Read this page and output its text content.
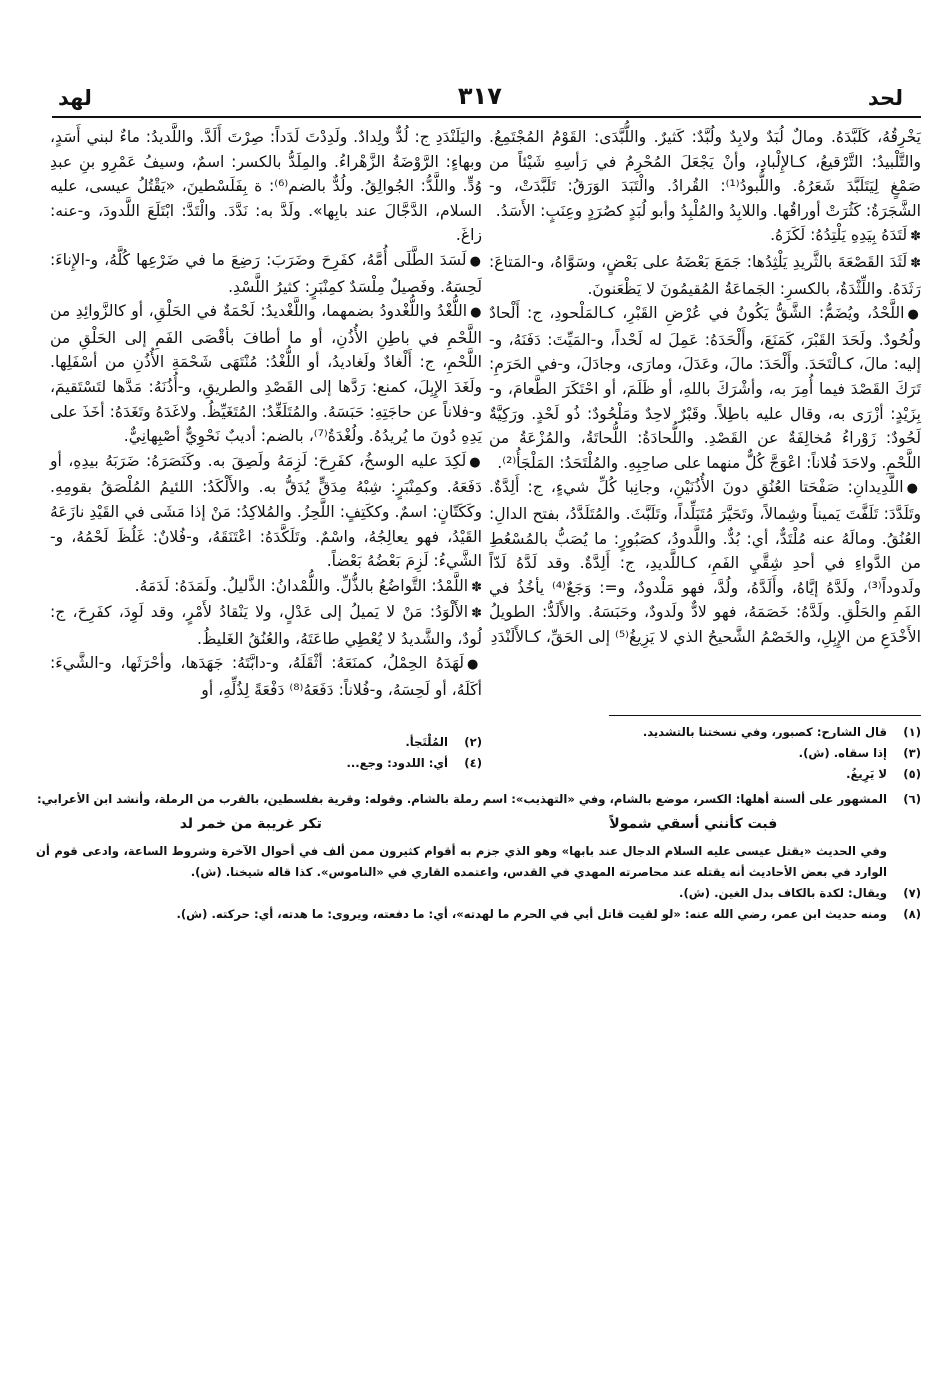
لهد	٣١٧	لحد

يَخْرِقُهُ، كَلَبَّدَهُ. ومالٌ لُبَدٌ ولابِدٌ ولُبَّدٌ: كَثيرٌ. واللُّبَّدَى: القَوْمُ المُجْتَمِعُ. والتَّلْبيدُ: التَّرْقيعُ، كـالإِلْبادِ، وأنْ يَجْعَلَ المُحْرِمُ في رَأسِهِ شَيْئاً من صَمْغٍ لِيَتَلَبَّدَ شَعَرُهُ. واللُّبودُ⁽¹⁾: القُرادُ. والْتَبَدَ الوَرَقُ: تَلَبَّدَتْ، و-الشَّجَرَةُ: كَثُرَتْ أوراقُها. واللابِدُ والمُلْبِدُ وأبو لُبَدٍ كصُرَدٍ وعِنَبٍ: الأَسَدُ.

✽لَتَدَهُ بِيَدِهِ يَلْتِدُهُ: لَكَزَهُ.

✽لَثَدَ القَصْعَةَ بالثَّريدِ يَلْثِدُها: جَمَعَ بَعْضَهُ على بَعْضٍ، وسَوَّاهُ، و-المَتاعَ: رَثَدَهُ. واللِّثْدَةُ، بالكسرِ: الجَماعَةُ المُقيمُونَ لا يَظْعَنونَ.

●اللَّحْدُ، ويُضَمُّ: الشَّقُّ يَكُونُ في عُرْضِ القَبْرِ، كـالمَلْحودِ، ج: أَلْحادٌ ولُحُودٌ. ولَحَدَ القَبْرَ، كَمَنَعَ، وأَلْحَدَهُ: عَمِلَ له لَحْداً، و-المَيِّتَ: دَفَنَهُ، و-إليه: مالَ، كـالْتَحَدَ. وأَلْحَدَ: مالَ، وعَدَلَ، ومارَى، وجادَلَ، و-في الحَرَمِ: تَرَكَ القَصْدَ فيما أُمِرَ به، وأشْرَكَ باللهِ، أو ظَلَمَ، أو احْتَكَرَ الطَّعامَ، و-بِزَيْدٍ: أزْرَى به، وقال عليه باطِلاً. وقَبْرٌ لاحِدٌ ومَلْحُودٌ: ذُو لَحْدٍ. ورَكِيَّةٌ لَحُودٌ: زَوْراءُ مُخالِفَةٌ عن القَصْدِ. واللُّحادَةُ: اللُّحاتَةُ، والمُزْعَةُ من اللَّحْمِ. ولاحَدَ فُلاناً: اعْوَجَّ كُلٌّ منهما على صاحِبِهِ. والمُلْتَحَدُ: المَلْجَأُ⁽²⁾.

●اللَّدِيدانِ: صَفْحَتا العُنُقِ دونَ الأُذُنَيْنِ، وجانِبا كُلِّ شيءٍ، ج: أَلِدَّةٌ. وتَلَدَّدَ: تَلَفَّتَ يَميناً وشِمالاً، وتَحَيَّرَ مُتَبَلِّداً، وتَلَبَّثَ. والمُتَلَدَّدُ، بفتح الدالِ: العُنُقُ. ومالَهُ عنه مُلْتَدٌّ، أي: بُدٌّ. واللَّدودُ، كصَبُورٍ: ما يُصَبُّ بالمُسْعُطِ من الدَّواءِ في أحدِ شِقَّيِ الفَمِ، كـاللَّديدِ، ج: أَلِدَّةٌ. وقد لَدَّهُ لَدّاً ولَدوداً⁽³⁾، ولَدَّهُ إيَّاهُ، وأَلَدَّهُ، ولُدَّ، فهو مَلْدودٌ، و=: وَجَعٌ⁽⁴⁾ يأخُذُ في الفَمِ والحَلْقِ. ولَدَّهُ: خَصَمَهُ، فهو لادٌّ ولَدودٌ، وحَبَسَهُ. والأَلَدُّ: الطويلُ الأَخْدَعِ من الإِبِلِ، والخَصْمُ الشَّحيحُ الذي لا يَزِيغُ⁽⁵⁾ إلى الحَقِّ، كـالأَلَنْدَدِ

واليَلَنْدَدِ ج: لُدٌّ ولِدادٌ. ولَدِدْتَ لَدَداً: صِرْتَ أَلَدَّ. واللَّديدُ: ماءٌ لبني أَسَدٍ، وبهاءٍ: الرَّوْضَةُ الزَّهْراءُ. والمِلَدُّ بالكسر: اسمٌ، وسيفُ عَمْرِو بنِ عبدِ وُدٍّ. واللَّدُّ: الجُوالِقُ. ولُدٌّ بالضم⁽⁶⁾: ة بِفَلَسْطينَ، «يَقْتُلُ عيسى، عليه السلام، الدَّجَّالَ عند بابِها». ولَدَّ به: نَدَّدَ. والْتَدَّ: ابْتَلَعَ اللَّدودَ، و-عنه: زاغَ.

●لَسَدَ الطَّلَى أُمَّهُ، كفَرِحَ وضَرَبَ: رَضِعَ ما في ضَرْعِها كُلَّهُ، و-الإِناءَ: لَحِسَهُ. وفَصيلٌ مِلْسَدٌ كمِنْبَرٍ: كثيرُ اللَّسْدِ.

●اللُّغْدُ واللُّغْدودُ بضمهما، واللَّغْديدُ: لَحْمَةٌ في الحَلْقِ، أو كالزَّوائِدِ من اللَّحْمِ في باطِنِ الأُذُنِ، أو ما أطافَ بأقْصَى الفَمِ إلى الحَلْقِ من اللَّحْمِ، ج: أَلْغادٌ ولَغاديدُ، أو اللُّغْدُ: مُنْتَهَى شَحْمَةِ الأُذُنِ من أسْفَلِها. ولَغَدَ الإِبِلَ، كمنع: رَدَّها إلى القَصْدِ والطريقِ، و-أُذُنَهُ: مَدَّها لتَسْتَقيمَ، و-فلاناً عن حاجَتِهِ: حَبَسَهُ. والمُتَلَغِّدُ: المُتَغَيِّظُ. ولاغَدَهُ وتَغَدَهُ: أخَذَ على يَدِهِ دُونَ ما يُريدُهُ. ولُغْدَةُ⁽⁷⁾، بالضم: أديبٌ نَحْوِيٌّ أصْبِهانِيٌّ.

●لَكِدَ عليه الوسخُ، كفَرِحَ: لَزِمَهُ ولَصِقَ به. وكَنَصَرَهُ: ضَرَبَهُ بيدِهِ، أو دَفَعَهُ. وكمِنْبَرٍ: شِبْهُ مِدَقٍّ يُدَقُّ به. والأَلْكَدُ: اللئيمُ المُلْصَقُ بقومِهِ. وكَكَتّانٍ: اسمٌ. وككَتِفٍ: اللَّحِزُ. والمُلاكِدُ: مَنْ إذا مَشَى في القَيْدِ نازَعَهُ القَيْدُ، فهو يعالِجُهُ، واسْمٌ. وتَلَكَّدَهُ: اعْتَنَقَهُ، و-فُلانٌ: غَلُظَ لَحْمُهُ، و-الشَّيءُ: لَزِمَ بَعْضُهُ بَعْضاً.

✽اللَّمْدُ: التَّواضُعُ بالذُّلِّ. واللُّمْدانُ: الذَّليلُ. ولَمَدَهُ: لَدَمَهُ.

✽الأَلْوَدُ: مَنْ لا يَميلُ إلى عَدْلٍ، ولا يَنْقادُ لأَمْرٍ، وقد لَوِدَ، كفَرِحَ، ج: لُودٌ، والشَّديدُ لا يُعْطِي طاعَتَهُ، والعُنُقُ الغَليظُ.

●لَهَدَهُ الحِمْلُ، كمنَعَهُ: أثْقَلَهُ، و-دابَّتَهُ: جَهَدَها، وأحْرَثَها، و-الشَّيءَ: أكَلَهُ، أو لَحِسَهُ، و-فُلاناً: دَفَعَهُ⁽⁸⁾ دَفْعَةً لِذُلِّهِ، أو

(١)قال الشارح: كصبور، وفي نسختنا بالتشديد.
(٣)إذا سقاه. (ش).
(٥)لا يَرِيغُ.
(٢)المُلْتَجأ.
(٤)أي: اللدود: وجع...
(٦)المشهور على ألسنة أهلها: الكسر، موضع بالشام، وفي «التهذيب»: اسم رملة بالشام. وقوله: وقرية بفلسطين، بالقرب من الرملة، وأنشد ابن الأعرابي:
فبت كأنني أسقي شمولاً
تكر غريبة من خمر لد
وفي الحديث «يقتل عيسى عليه السلام الدجال عند بابها» وهو الذي جزم به أقوام كثيرون ممن ألف في أحوال الآخرة وشروط الساعة، وادعى قوم أن الوارد في بعض الأحاديث أنه يقتله عند محاصرته المهدي في القدس، واعتمده القاري في «الناموس». كذا قاله شيخنا. (ش).
(٧)ويقال: لكدة بالكاف بدل الغين. (ش).
(٨)ومنه حديث ابن عمر، رضي الله عنه: «لو لقيت قاتل أبي في الحرم ما لهدته»، أي: ما دفعته، ويروى: ما هدته، أي: حركته. (ش).
